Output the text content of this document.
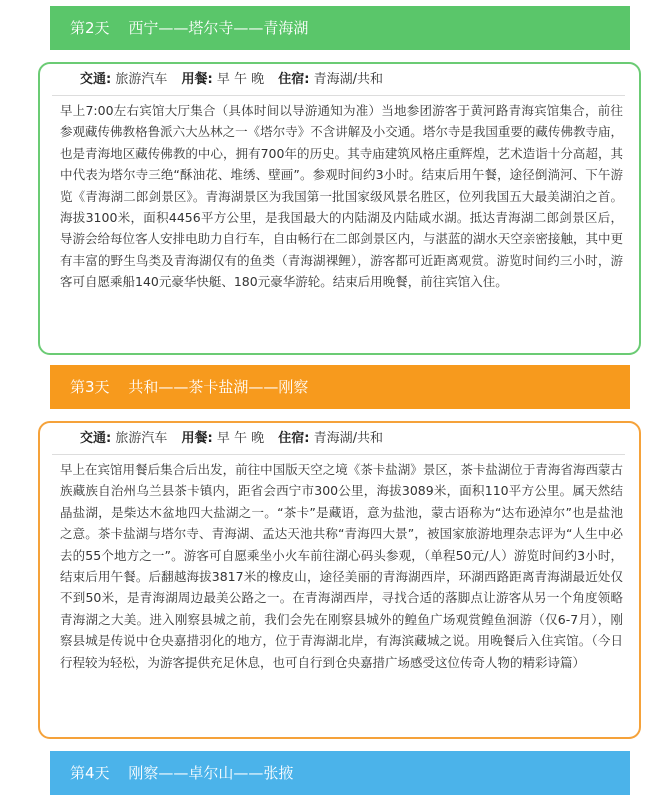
第2天 西宁——塔尔寺——青海湖
交通: 旅游汽车 用餐: 早 午 晚 住宿: 青海湖/共和
早上7:00左右宾馆大厅集合（具体时间以导游通知为准）当地参团游客于黄河路青海宾馆集合，前往参观藏传佛教格鲁派六大丛林之一《塔尔寺》不含讲解及小交通。塔尔寺是我国重要的藏传佛教寺庙，也是青海地区藏传佛教的中心，拥有700年的历史。其寺庙建筑风格庄重辉煌，艺术造诣十分高超，其中代表为塔尔寺三绝“酥油花、堆绣、壁画”。参观时间约3小时。结束后用午餐，途径倒淌河、下午游览《青海湖二郎剑景区》。青海湖景区为我国第一批国家级风景名胜区，位列我国五大最美湖泊之首。海拔3100米，面积4456平方公里，是我国最大的内陆湖及内陆咸水湖。抵达青海湖二郎剑景区后，导游会给每位客人安排电助力自行车，自由畅行在二郎剑景区内，与湛蓝的湖水天空亲密接触，其中更有丰富的野生鸟类及青海湖仅有的鱼类（青海湖裸鲤），游客都可近距离观赏。游览时间约三小时，游客可自愿乘船140元豪华快艇、180元豪华游轮。结束后用晚餐，前往宾馆入住。
第3天 共和——茶卡盐湖——刚察
交通: 旅游汽车 用餐: 早 午 晚 住宿: 青海湖/共和
早上在宾馆用餐后集合后出发，前往中国版天空之境《茶卡盐湖》景区，茶卡盐湖位于青海省海西蒙古族藏族自治州乌兰县茶卡镇内，距省会西宁市300公里，海拔3089米，面积110平方公里。属天然结晶盐湖，是柴达木盆地四大盐湖之一。“茶卡”是藏语，意为盐池，蒙古语称为“达布逊淖尔”也是盐池之意。茶卡盐湖与塔尔寺、青海湖、孟达天池共称“青海四大景”，被国家旅游地理杂志评为“人生中必去的55个地方之一”。游客可自愿乘坐小火车前往湖心码头参观，（单程50元/人）游览时间约3小时，结束后用午餐。后翻越海拔3817米的橡皮山，途径美丽的青海湖西岸，环湖西路距离青海湖最近处仅不到50米，是青海湖周边最美公路之一。在青海湖西岸，寻找合适的落脚点让游客从另一个角度领略青海湖之大美。进入刚察县城之前，我们会先在刚察县城外的鳇鱼广场观赏鳇鱼洄游（仅6-7月），刚察县城是传说中仓央嘉措羽化的地方，位于青海湖北岸，有海滨藏城之说。用晚餐后入住宾馆。（今日行程较为轻松，为游客提供充足休息，也可自行到仓央嘉措广场感受这位传奇人物的精彩诗篇）
第4天 刚察——卓尔山——张掖
